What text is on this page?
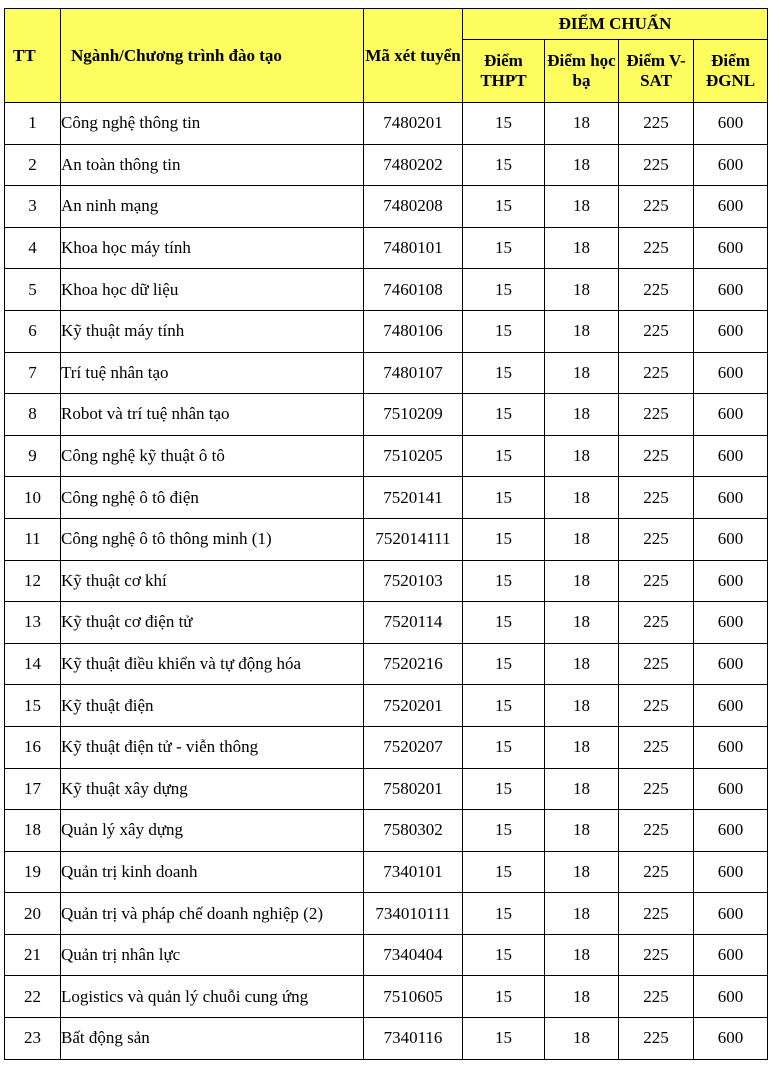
TT	Ngành/Chương trình đào tạo	Mã xét tuyển	ĐIỂM CHUẨN			
			Điểm THPT	Điểm học bạ	Điểm V-SAT	Điểm ĐGNL
1	Công nghệ thông tin	7480201	15	18	225	600
2	An toàn thông tin	7480202	15	18	225	600
3	An ninh mạng	7480208	15	18	225	600
4	Khoa học máy tính	7480101	15	18	225	600
5	Khoa học dữ liệu	7460108	15	18	225	600
6	Kỹ thuật máy tính	7480106	15	18	225	600
7	Trí tuệ nhân tạo	7480107	15	18	225	600
8	Robot và trí tuệ nhân tạo	7510209	15	18	225	600
9	Công nghệ kỹ thuật ô tô	7510205	15	18	225	600
10	Công nghệ ô tô điện	7520141	15	18	225	600
11	Công nghệ ô tô thông minh (1)	752014111	15	18	225	600
12	Kỹ thuật cơ khí	7520103	15	18	225	600
13	Kỹ thuật cơ điện tử	7520114	15	18	225	600
14	Kỹ thuật điều khiển và tự động hóa	7520216	15	18	225	600
15	Kỹ thuật điện	7520201	15	18	225	600
16	Kỹ thuật điện tử - viễn thông	7520207	15	18	225	600
17	Kỹ thuật xây dựng	7580201	15	18	225	600
18	Quản lý xây dựng	7580302	15	18	225	600
19	Quản trị kinh doanh	7340101	15	18	225	600
20	Quản trị và pháp chế doanh nghiệp (2)	734010111	15	18	225	600
21	Quản trị nhân lực	7340404	15	18	225	600
22	Logistics và quản lý chuỗi cung ứng	7510605	15	18	225	600
23	Bất động sản	7340116	15	18	225	600
